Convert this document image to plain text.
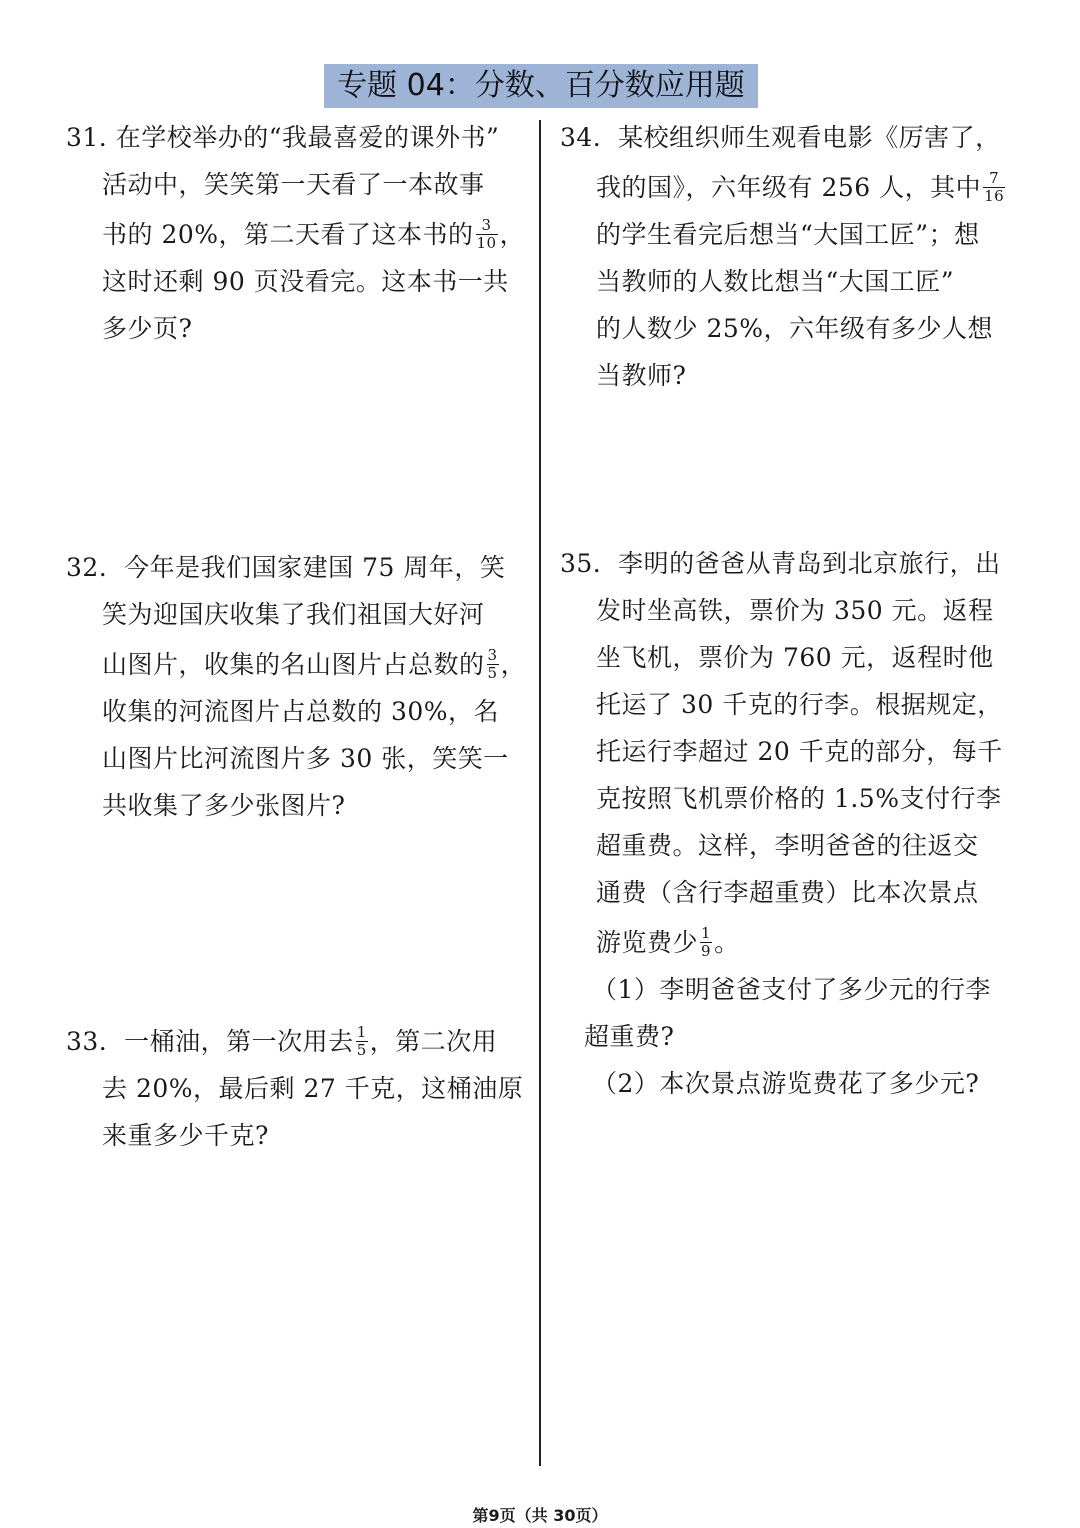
专题 04：分数、百分数应用题
31. 在学校举办的“我最喜爱的课外书”
活动中，笑笑第一天看了一本故事
书的 20%，第二天看了这本书的 $\frac{3}{10}$ ，
这时还剩 90 页没看完。这本书一共
多少页?
32. 今年是我们国家建国 75 周年，笑
笑为迎国庆收集了我们祖国大好河
山图片，收集的名山图片占总数的 $\frac{3}{5}$ ，
收集的河流图片占总数的 30%，名
山图片比河流图片多 30 张，笑笑一
共收集了多少张图片?
33. 一桶油，第一次用去 $\frac{1}{5}$ ，第二次用
去 20%，最后剩 27 千克，这桶油原
来重多少千克?
34. 某校组织师生观看电影《厉害了，
我的国》，六年级有 256 人，其中 $\frac{7}{16}$
的学生看完后想当“大国工匠”；想
当教师的人数比想当“大国工匠”
的人数少 25%，六年级有多少人想
当教师?
35. 李明的爸爸从青岛到北京旅行，出
发时坐高铁，票价为 350 元。返程
坐飞机，票价为 760 元，返程时他
托运了 30 千克的行李。根据规定，
托运行李超过 20 千克的部分，每千
克按照飞机票价格的 1.5%支付行李
超重费。这样，李明爸爸的往返交
通费（含行李超重费）比本次景点
游览费少 $\frac{1}{9}$ 。
（1）李明爸爸支付了多少元的行李
超重费?
（2）本次景点游览费花了多少元?
第9页（共 30页）
